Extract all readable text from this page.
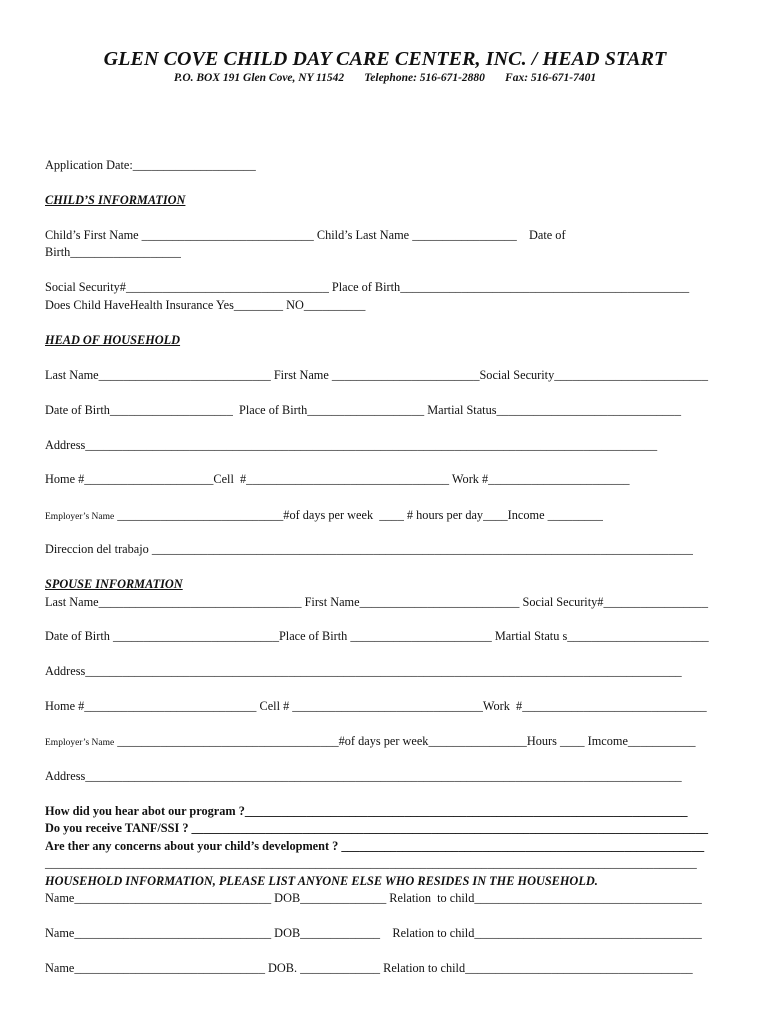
GLEN COVE CHILD DAY CARE CENTER, INC. / HEAD START
P.O. BOX 191 Glen Cove, NY 11542       Telephone: 516-671-2880       Fax: 516-671-7401
Application Date:____________________
CHILD’S INFORMATION
Child’s First Name ____________________________ Child’s Last Name _________________    Date of
Birth__________________
Social Security#_________________________________ Place of Birth_______________________________________________
Does Child HaveHealth Insurance Yes________ NO__________
HEAD OF HOUSEHOLD
Last Name____________________________ First Name ________________________Social Security_________________________
Date of Birth____________________  Place of Birth___________________ Martial Status______________________________
Address_____________________________________________________________________________________________
Home #_____________________Cell  #_________________________________ Work #_______________________
Employer’s Name ___________________________#of days per week  ____ # hours per day____Income _________
Direccion del trabajo ________________________________________________________________________________________
SPOUSE INFORMATION
Last Name_________________________________ First Name__________________________ Social Security#_________________
Date of Birth ___________________________Place of Birth _______________________ Martial Statu s_______________________
Address_________________________________________________________________________________________________
Home #____________________________ Cell # _______________________________Work  #______________________________
Employer’s Name ____________________________________#of days per week________________Hours ____ Imcome___________
Address_________________________________________________________________________________________________
How did you hear abot our program ?________________________________________________________________________
Do you receive TANF/SSI ? ____________________________________________________________________________________
Are ther any concerns about your child’s development ? ___________________________________________________________
__________________________________________________________________________________________________________
HOUSEHOLD INFORMATION, PLEASE LIST ANYONE ELSE WHO RESIDES IN THE HOUSEHOLD.
Name________________________________ DOB______________ Relation  to child_____________________________________
Name________________________________ DOB_____________    Relation to child_____________________________________
Name_______________________________ DOB. _____________ Relation to child_____________________________________
